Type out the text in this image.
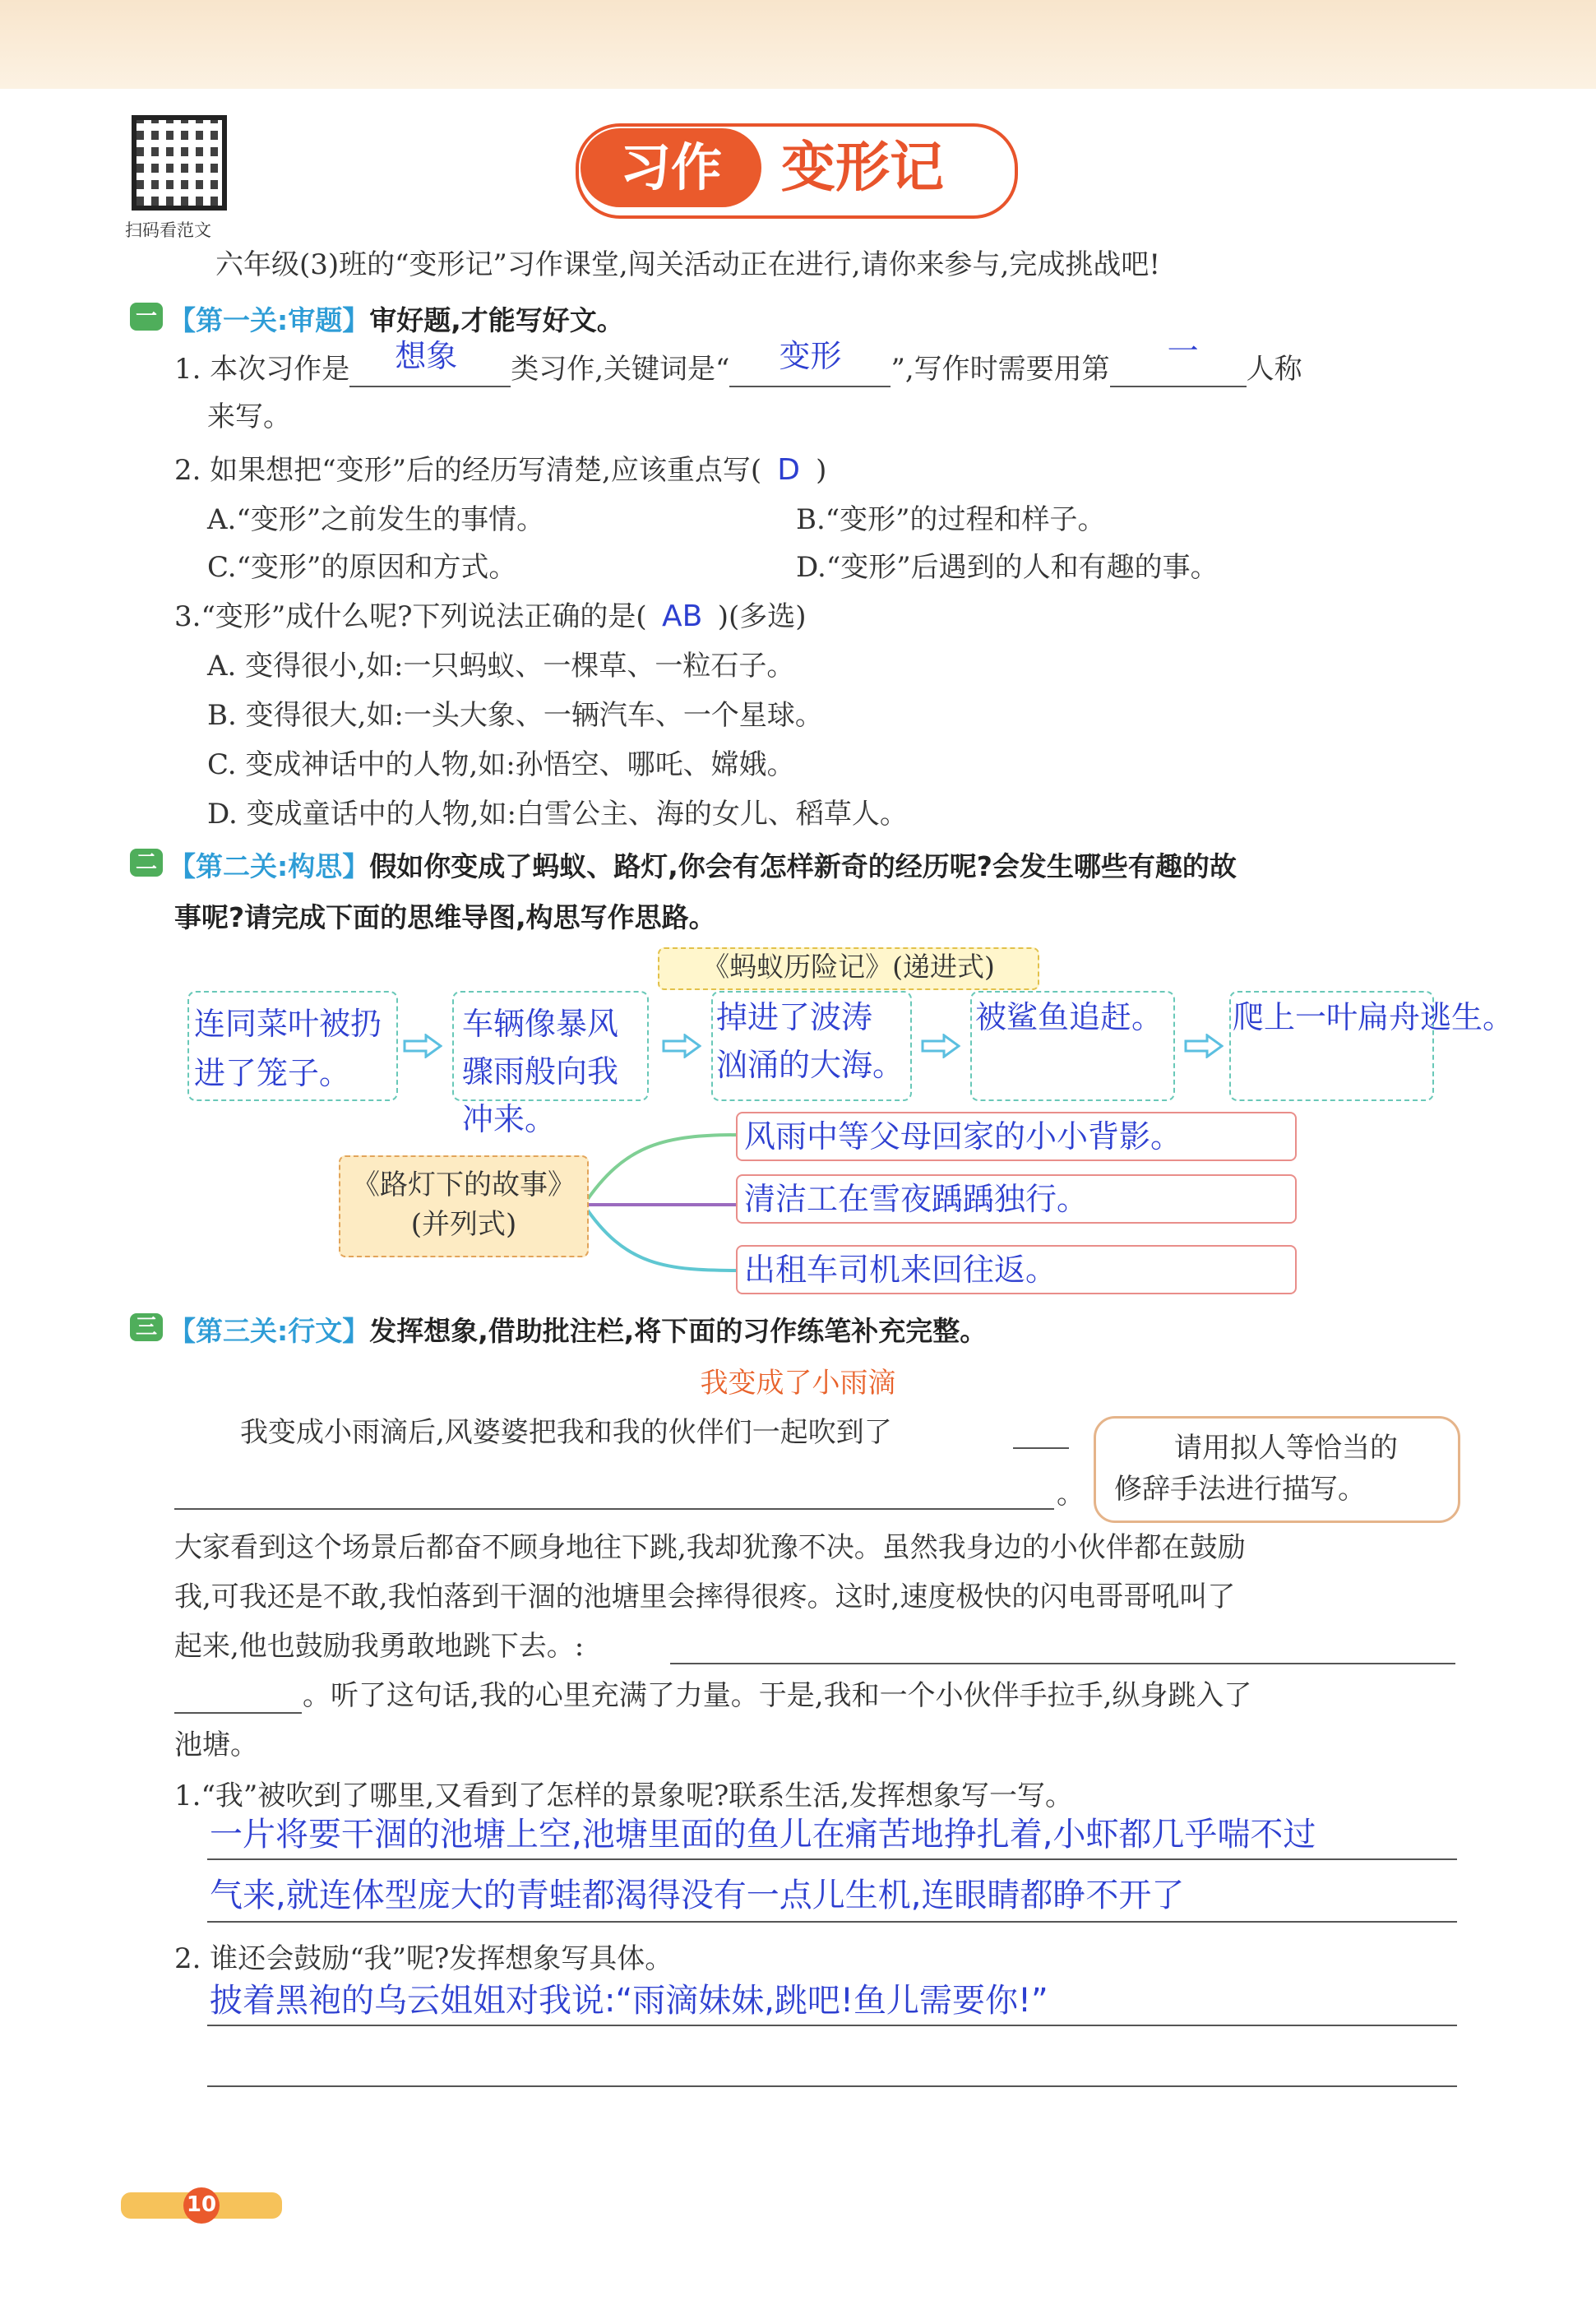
扫码看范文
习作	变形记
六年级(3)班的“变形记”习作课堂,闯关活动正在进行,请你来参与,完成挑战吧!
一 【第一关:审题】审好题,才能写好文。
1. 本次习作是 想象 类习作,关键词是“ 变形 ”,写作时需要用第 一 人称
来写。
2. 如果想把“变形”后的经历写清楚,应该重点写( D )
A.“变形”之前发生的事情。	B.“变形”的过程和样子。
C.“变形”的原因和方式。	D.“变形”后遇到的人和有趣的事。
3.“变形”成什么呢?下列说法正确的是( AB )(多选)
A. 变得很小,如:一只蚂蚁、一棵草、一粒石子。
B. 变得很大,如:一头大象、一辆汽车、一个星球。
C. 变成神话中的人物,如:孙悟空、哪吒、嫦娥。
D. 变成童话中的人物,如:白雪公主、海的女儿、稻草人。
二 【第二关:构思】假如你变成了蚂蚁、路灯,你会有怎样新奇的经历呢?会发生哪些有趣的故
事呢?请完成下面的思维导图,构思写作思路。
《蚂蚁历险记》(递进式)
连同菜叶被扔
进了笼子。
车辆像暴风
骤雨般向我
冲来。
掉进了波涛
汹涌的大海。
被鲨鱼追赶。 爬上一叶扁舟逃生。
《路灯下的故事》
(并列式)
风雨中等父母回家的小小背影。
清洁工在雪夜踽踽独行。
出租车司机来回往返。
三 【第三关:行文】发挥想象,借助批注栏,将下面的习作练笔补充完整。
我变成了小雨滴
我变成小雨滴后,风婆婆把我和我的伙伴们一起吹到了
。
请用拟人等恰当的
修辞手法进行描写。
大家看到这个场景后都奋不顾身地往下跳,我却犹豫不决。虽然我身边的小伙伴都在鼓励
我,可我还是不敢,我怕落到干涸的池塘里会摔得很疼。这时,速度极快的闪电哥哥吼叫了
起来,他也鼓励我勇敢地跳下去。:
。听了这句话,我的心里充满了力量。于是,我和一个小伙伴手拉手,纵身跳入了
池塘。
1.“我”被吹到了哪里,又看到了怎样的景象呢?联系生活,发挥想象写一写。
一片将要干涸的池塘上空,池塘里面的鱼儿在痛苦地挣扎着,小虾都几乎喘不过
气来,就连体型庞大的青蛙都渴得没有一点儿生机,连眼睛都睁不开了
2. 谁还会鼓励“我”呢?发挥想象写具体。
披着黑袍的乌云姐姐对我说:“雨滴妹妹,跳吧!鱼儿需要你!”
10
